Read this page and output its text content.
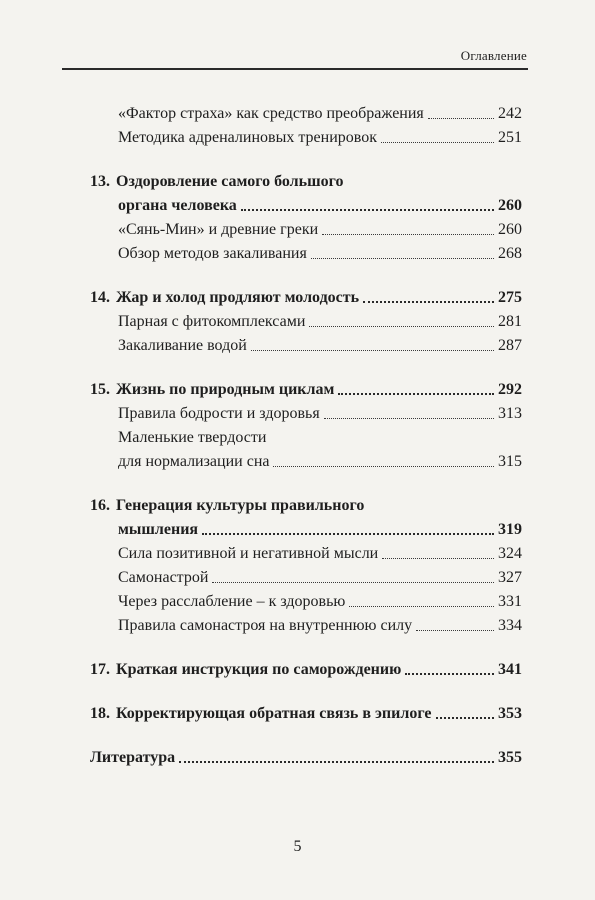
Оглавление
«Фактор страха» как средство преображения	242
Методика адреналиновых тренировок	251
13. Оздоровление самого большого
органа человека	260
«Сянь-Мин» и древние греки	260
Обзор методов закаливания	268
14. Жар и холод продляют молодость	275
Парная с фитокомплексами	281
Закаливание водой	287
15. Жизнь по природным циклам	292
Правила бодрости и здоровья	313
Маленькие твердости
для нормализации сна	315
16. Генерация культуры правильного
мышления	319
Сила позитивной и негативной мысли	324
Самонастрой	327
Через расслабление – к здоровью	331
Правила самонастроя на внутреннюю силу	334
17. Краткая инструкция по саморождению	341
18. Корректирующая обратная связь в эпилоге	353
Литература	355
5
